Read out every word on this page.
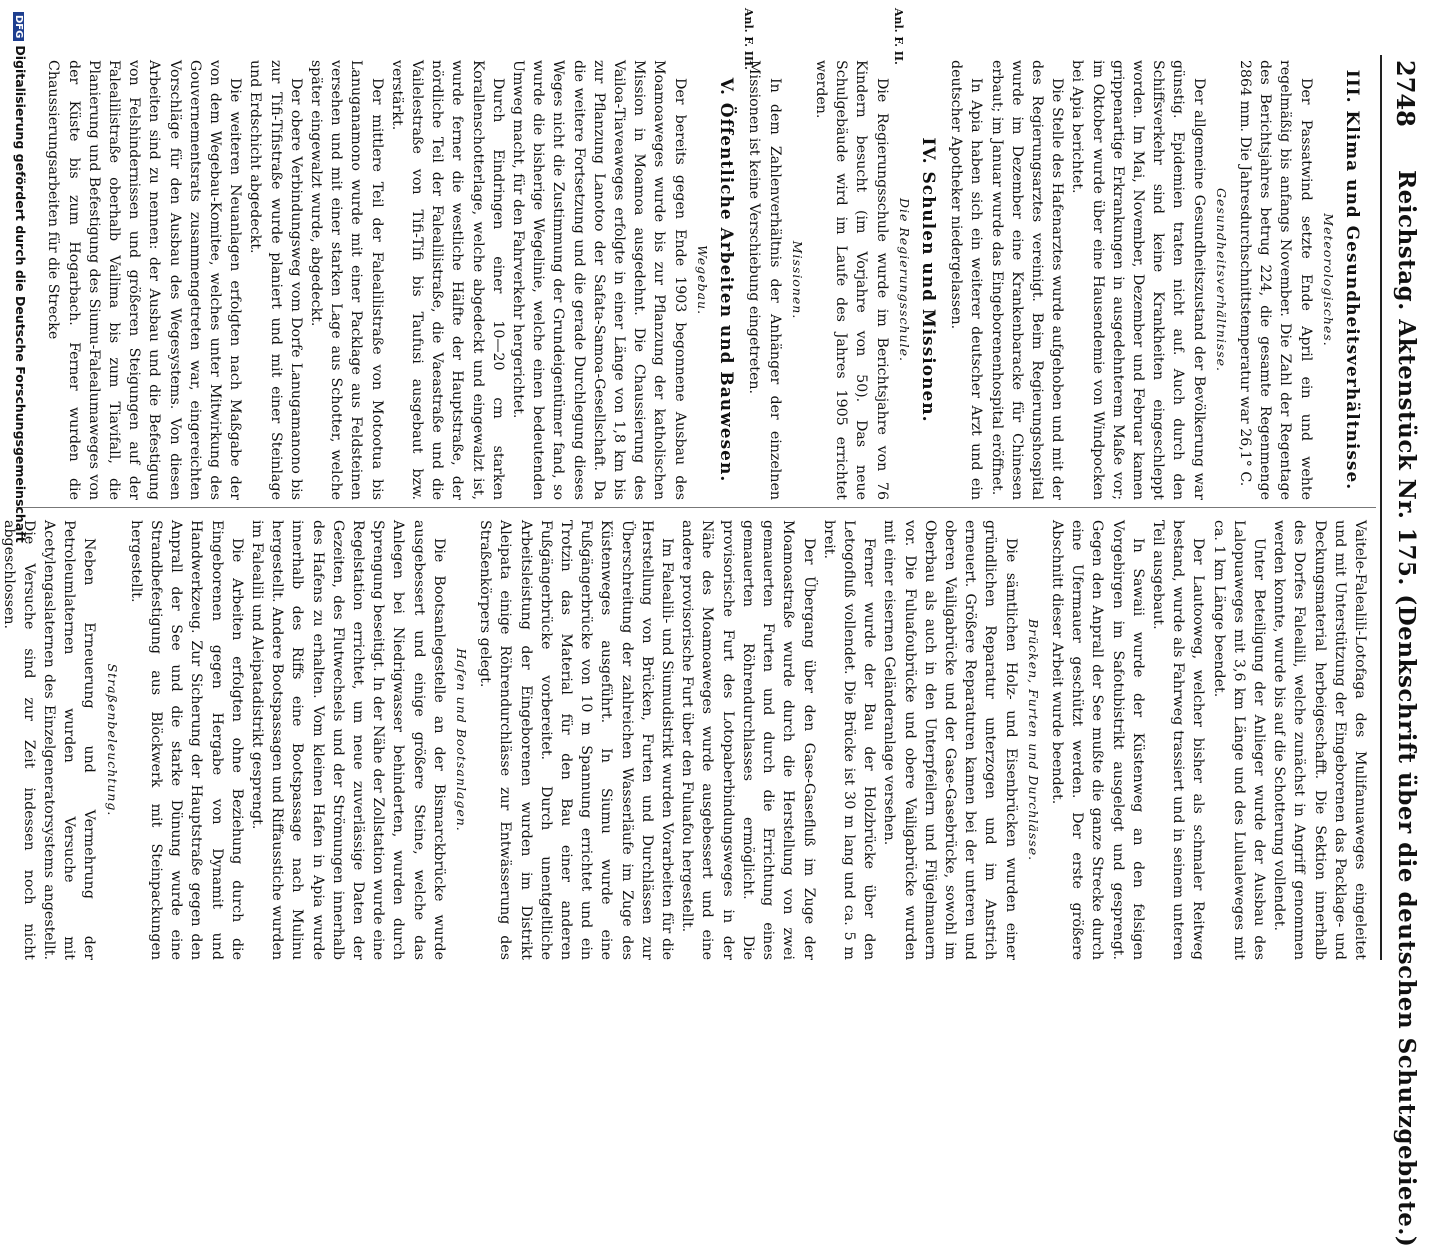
2748
Reichstag. Aktenstück Nr. 175. (Denkschrift über die deutschen Schutzgebiete.)
Anl. F. II.
Anl. F. III.
III. Klima und Gesundheitsverhältnisse.
Meteorologisches.

Der Passatwind setzte Ende April ein und wehte regelmäßig bis anfangs November. Die Zahl der Regentage des Berichtsjahres betrug 224, die gesamte Regenmenge 2864 mm. Die Jahresdurchschnittstemperatur war 26,1° C.

Gesundheitsverhältnisse.

Der allgemeine Gesundheitszustand der Bevölkerung war günstig. Epidemien traten nicht auf. Auch durch den Schiffsverkehr sind keine Krankheiten eingeschleppt worden. Im Mai, November, Dezember und Februar kamen grippenartige Erkrankungen in ausgedehnterem Maße vor; im Oktober wurde über eine Hausendemie von Windpocken bei Apia berichtet.

Die Stelle des Hafenarztes wurde aufgehoben und mit der des Regierungsarztes vereinigt. Beim Regierungshospital wurde im Dezember eine Krankenbaracke für Chinesen erbaut; im Januar wurde das Eingeborenenhospital eröffnet.

In Apia haben sich ein weiterer deutscher Arzt und ein deutscher Apotheker niedergelassen.

IV. Schulen und Missionen.
Die Regierungsschule.

Die Regierungsschule wurde im Berichtsjahre von 76 Kindern besucht (im Vorjahre von 50). Das neue Schulgebäude wird im Laufe des Jahres 1905 errichtet werden.

Missionen.

In dem Zahlenverhältnis der Anhänger der einzelnen Missionen ist keine Verschiebung eingetreten.

V. Öffentliche Arbeiten und Bauwesen.
Wegebau.

Der bereits gegen Ende 1903 begonnene Ausbau des Moamoaweges wurde bis zur Pflanzung der katholischen Mission in Moamoa ausgedehnt. Die Chaussierung des Vailoa-Tiaveaweges erfolgte in einer Länge von 1,8 km bis zur Pflanzung Lanotoo der Safata-Samoa-Gesellschaft. Da die weitere Fortsetzung und die gerade Durchlegung dieses Weges nicht die Zustimmung der Grundeigentümer fand, so wurde die bisherige Wegelinie, welche einen bedeutenden Umweg macht, für den Fahrverkehr hergerichtet.

Durch Eindringen einer 10—20 cm starken Korallenschotterlage, welche abgedeckt und eingewalzt ist, wurde ferner die westliche Hälfte der Hauptstraße, der nördliche Teil der Falealilistraße, die Vaeastraße und die Vailelestraße von Tifi-Tifi bis Taufusi ausgebaut bzw. verstärkt.

Der mittlere Teil der Falealilistraße von Motootua bis Lanuganamono wurde mit einer Packlage aus Feldsteinen versehen und mit einer starken Lage aus Schotter, welche später eingewalzt wurde, abgedeckt.

Der obere Verbindungsweg vom Dorfe Lanugamanono bis zur Tifi-Tifistraße wurde planiert und mit einer Steinlage und Erdschicht abgedeckt.

Die weiteren Neuanlagen erfolgten nach Maßgabe der von dem Wegebau-Komitee, welches unter Mitwirkung des Gouvernementsrats zusammengetreten war, eingereichten Vorschläge für den Ausbau des Wegesystems. Von diesen Arbeiten sind zu nennen: der Ausbau und die Befestigung von Felshindernissen und größeren Steigungen auf der Falealilistraße oberhalb Vailima bis zum Tiavifall, die Planierung und Befestigung des Siumu-Falealumaweges von der Küste bis zum Hogarbach. Ferner wurden die Chaussierungsarbeiten für die Strecke

Vaitele-Falealili-Lotofaga des Mulifanuaweges eingeleitet und mit Unterstützung der Eingeborenen das Packlage- und Deckungsmaterial herbeigeschafft. Die Sektion innerhalb des Dorfes Falealili, welche zunächst in Angriff genommen werden konnte, wurde bis auf die Schotterung vollendet.

Unter Beteiligung der Anlieger wurde der Ausbau des Lalopuaweges mit 3,6 km Länge und des Lulualeweges mit ca. 1 km Länge beendet.

Der Lautooweg, welcher bisher als schmaler Reitweg bestand, wurde als Fahrweg trassiert und in seinem unteren Teil ausgebaut.

In Sawaii wurde der Küstenweg an den felsigen Vorgebirgen im Safotubistrikt ausgelegt und gesprengt. Gegen den Anprall der See mußte die ganze Strecke durch eine Ufermauer geschützt werden. Der erste größere Abschnitt dieser Arbeit wurde beendet.

Brücken, Furten und Durchlässe.

Die sämtlichen Holz- und Eisenbrücken wurden einer gründlichen Reparatur unterzogen und im Anstrich erneuert. Größere Reparaturen kamen bei der unteren und oberen Vailigabrücke und der Gase-Gasebrücke, sowohl im Oberbau als auch in den Unterpfeilern und Flügelmauern vor. Die Fuluafoubrücke und obere Vailigabrücke wurden mit einer eisernen Geländeranlage versehen.

Ferner wurde der Bau der Holzbrücke über den Letogofluß vollendet. Die Brücke ist 30 m lang und ca. 5 m breit.

Der Übergang über den Gase-Gasefluß im Zuge der Moamoastraße wurde durch die Herstellung von zwei gemauerten Furten und durch die Errichtung eines gemauerten Röhrendurchlasses ermöglicht. Die provisorische Furt des Lotopaberbindungsweges in der Nähe des Moamoaweges wurde ausgebessert und eine andere provisorische Furt über den Fuluafou hergestellt.

Im Falealili- und Siumudistrikt wurden Vorarbeiten für die Herstellung von Brücken, Furten und Durchlässen zur Überschreitung der zahlreichen Wasserläufe im Zuge des Küstenweges ausgeführt. In Siumu wurde eine Fußgängerbrücke von 10 m Spannung errichtet und ein Trotzin das Material für den Bau einer anderen Fußgängerbrücke vorbereitet. Durch unentgeltliche Arbeitsleistung der Eingeborenen wurden im Distrikt Aleipata einige Röhrendurchlässe zur Entwässerung des Straßenkörpers gelegt.

Hafen und Bootsanlagen.

Die Bootsanlegestelle an der Bismarckbrücke wurde ausgebessert und einige größere Steine, welche das Anlegen bei Niedrigwasser behinderten, wurden durch Sprengung beseitigt. In der Nähe der Zollstation wurde eine Regelstation errichtet, um neue zuverlässige Daten der Gezeiten, des Flutwechsels und der Strömungen innerhalb des Hafens zu erhalten. Vom kleinen Hafen in Apia wurde innerhalb des Riffs eine Bootspassage nach Mulinu hergestellt. Andere Bootspassagen und Riffausstiche wurden im Falealili und Aleipatadistrikt gesprengt.

Die Arbeiten erfolgten ohne Beziehung durch die Eingeborenen gegen Hergabe von Dynamit und Handwerkzeug. Zur Sicherung der Hauptstraße gegen den Anprall der See und die starke Dünung wurde eine Strandbefestigung aus Blöckwerk mit Steinpackungen hergestellt.

Straßenbeleuchtung.

Neben Erneuerung und Vermehrung der Petroleumlaternen wurden Versuche mit Acetylengaslaternen des Einzelgeneratorsystems angestellt. Die Versuche sind zur Zeit indessen noch nicht abgeschlossen.

DFGDigitalisierung gefördert durch die Deutsche Forschungsgemeinschaft
